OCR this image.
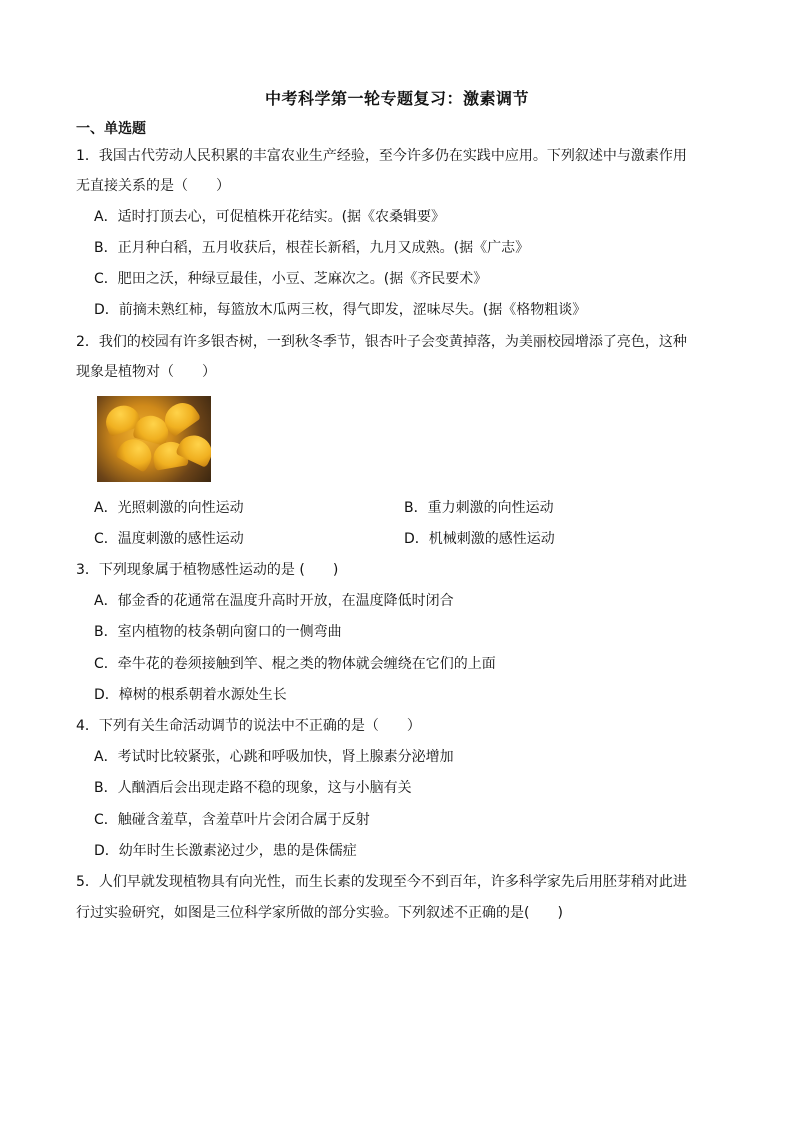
中考科学第一轮专题复习：激素调节
一、单选题
1．我国古代劳动人民积累的丰富农业生产经验，至今许多仍在实践中应用。下列叙述中与激素作用
无直接关系的是（　　）
A．适时打顶去心，可促植株开花结实。(据《农桑辑要》
B．正月种白稻，五月收获后，根茬长新稻，九月又成熟。(据《广志》
C．肥田之沃，种绿豆最佳，小豆、芝麻次之。(据《齐民要术》
D．前摘未熟红柿，每篮放木瓜两三枚，得气即发，涩味尽失。(据《格物粗谈》
2．我们的校园有许多银杏树，一到秋冬季节，银杏叶子会变黄掉落，为美丽校园增添了亮色，这种
现象是植物对（　　）
A．光照刺激的向性运动	B．重力刺激的向性运动
C．温度刺激的感性运动	D．机械刺激的感性运动
3．下列现象属于植物感性运动的是 (　　)
A．郁金香的花通常在温度升高时开放，在温度降低时闭合
B．室内植物的枝条朝向窗口的一侧弯曲
C．牵牛花的卷须接触到竿、棍之类的物体就会缠绕在它们的上面
D．樟树的根系朝着水源处生长
4．下列有关生命活动调节的说法中不正确的是（　　）
A．考试时比较紧张，心跳和呼吸加快，肾上腺素分泌增加
B．人酗酒后会出现走路不稳的现象，这与小脑有关
C．触碰含羞草，含羞草叶片会闭合属于反射
D．幼年时生长激素泌过少，患的是侏儒症
5．人们早就发现植物具有向光性，而生长素的发现至今不到百年，许多科学家先后用胚芽稍对此进
行过实验研究，如图是三位科学家所做的部分实验。下列叙述不正确的是(　　)
